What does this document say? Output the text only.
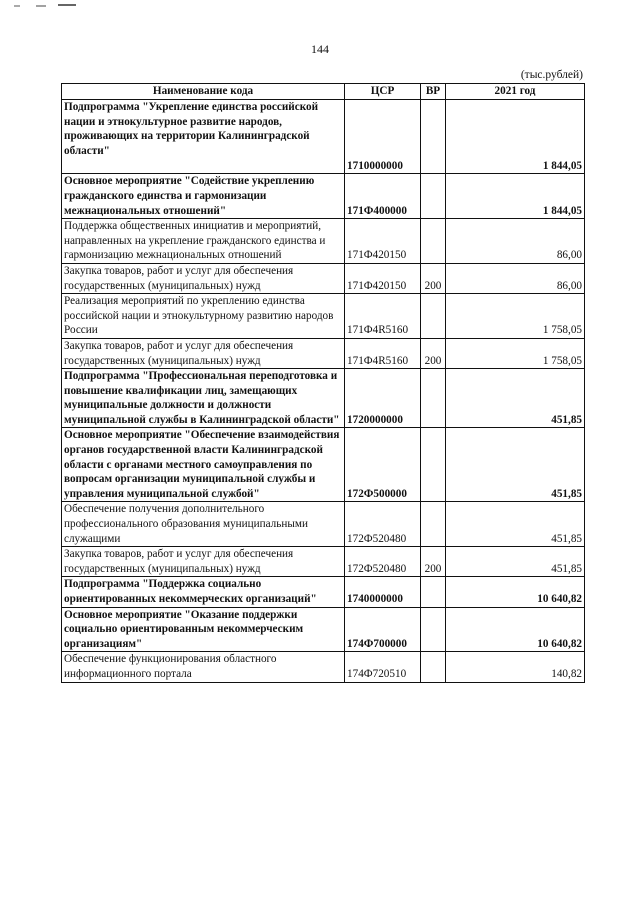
144
(тыс.рублей)
Наименование кода	ЦСР	ВР	2021 год
Подпрограмма "Укрепление единства российской нации и этнокультурное развитие народов, проживающих на территории Калининградской области"	1710000000		1 844,05
Основное мероприятие "Содействие укреплению гражданского единства и гармонизации межнациональных отношений"	171Ф400000		1 844,05
Поддержка общественных инициатив и мероприятий, направленных на укрепление гражданского единства и гармонизацию межнациональных отношений	171Ф420150		86,00
Закупка товаров, работ и услуг для обеспечения государственных (муниципальных) нужд	171Ф420150	200	86,00
Реализация мероприятий по укреплению единства российской нации и этнокультурному развитию народов России	171Ф4R5160		1 758,05
Закупка товаров, работ и услуг для обеспечения государственных (муниципальных) нужд	171Ф4R5160	200	1 758,05
Подпрограмма "Профессиональная переподготовка и повышение квалификации лиц, замещающих муниципальные должности и должности муниципальной службы в Калининградской области"	1720000000		451,85
Основное мероприятие "Обеспечение взаимодействия органов государственной власти Калининградской области с органами местного самоуправления по вопросам организации муниципальной службы и управления муниципальной службой"	172Ф500000		451,85
Обеспечение получения дополнительного профессионального образования муниципальными служащими	172Ф520480		451,85
Закупка товаров, работ и услуг для обеспечения государственных (муниципальных) нужд	172Ф520480	200	451,85
Подпрограмма "Поддержка социально ориентированных некоммерческих организаций"	1740000000		10 640,82
Основное мероприятие "Оказание поддержки социально ориентированным некоммерческим организациям"	174Ф700000		10 640,82
Обеспечение функционирования областного информационного портала	174Ф720510		140,82
